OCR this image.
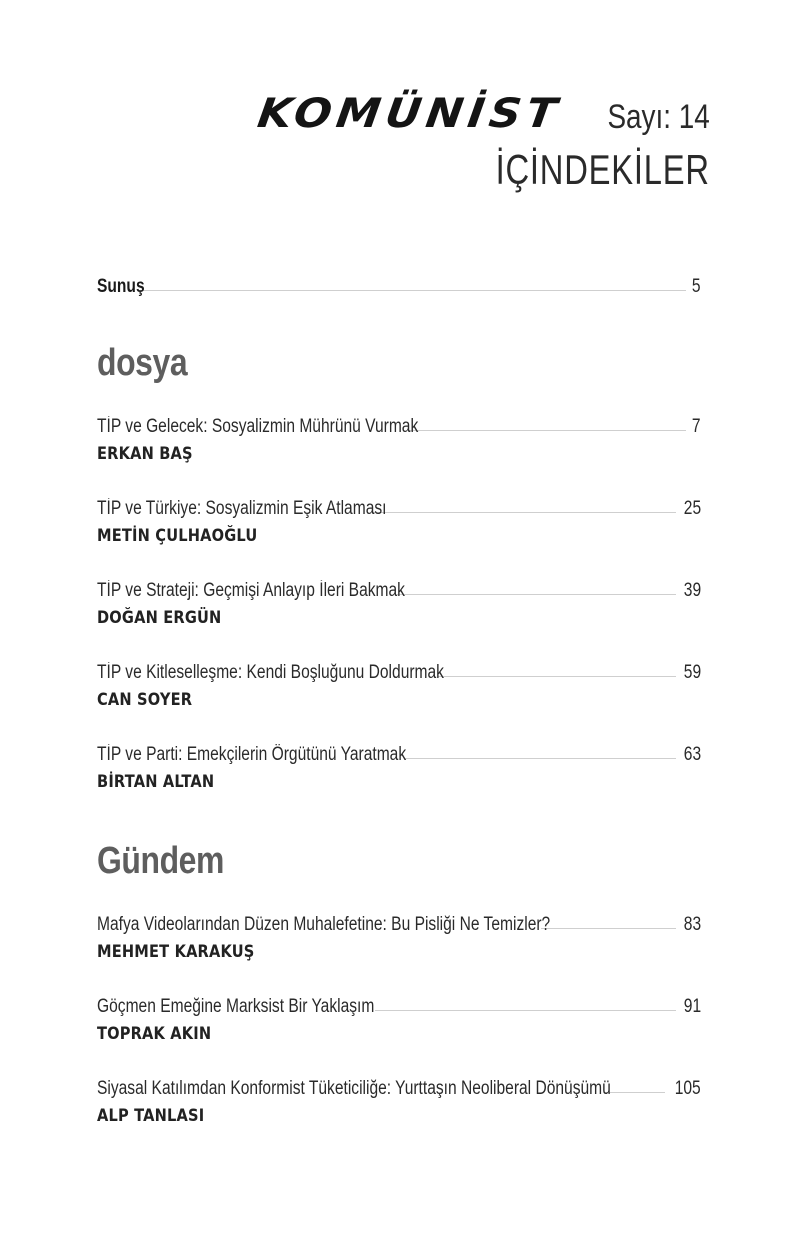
KOMÜNİST Sayı: 14
İÇİNDEKİLER
Sunuş	5
dosya
TİP ve Gelecek: Sosyalizmin Mührünü Vurmak	7
ERKAN BAŞ
TİP ve Türkiye: Sosyalizmin Eşik Atlaması	25
METİN ÇULHAOĞLU
TİP ve Strateji: Geçmişi Anlayıp İleri Bakmak	39
DOĞAN ERGÜN
TİP ve Kitleselleşme: Kendi Boşluğunu Doldurmak	59
CAN SOYER
TİP ve Parti: Emekçilerin Örgütünü Yaratmak	63
BİRTAN ALTAN
Gündem
Mafya Videolarından Düzen Muhalefetine: Bu Pisliği Ne Temizler?	83
MEHMET KARAKUŞ
Göçmen Emeğine Marksist Bir Yaklaşım	91
TOPRAK AKIN
Siyasal Katılımdan Konformist Tüketiciliğe: Yurttaşın Neoliberal Dönüşümü	105
ALP TANLASI
